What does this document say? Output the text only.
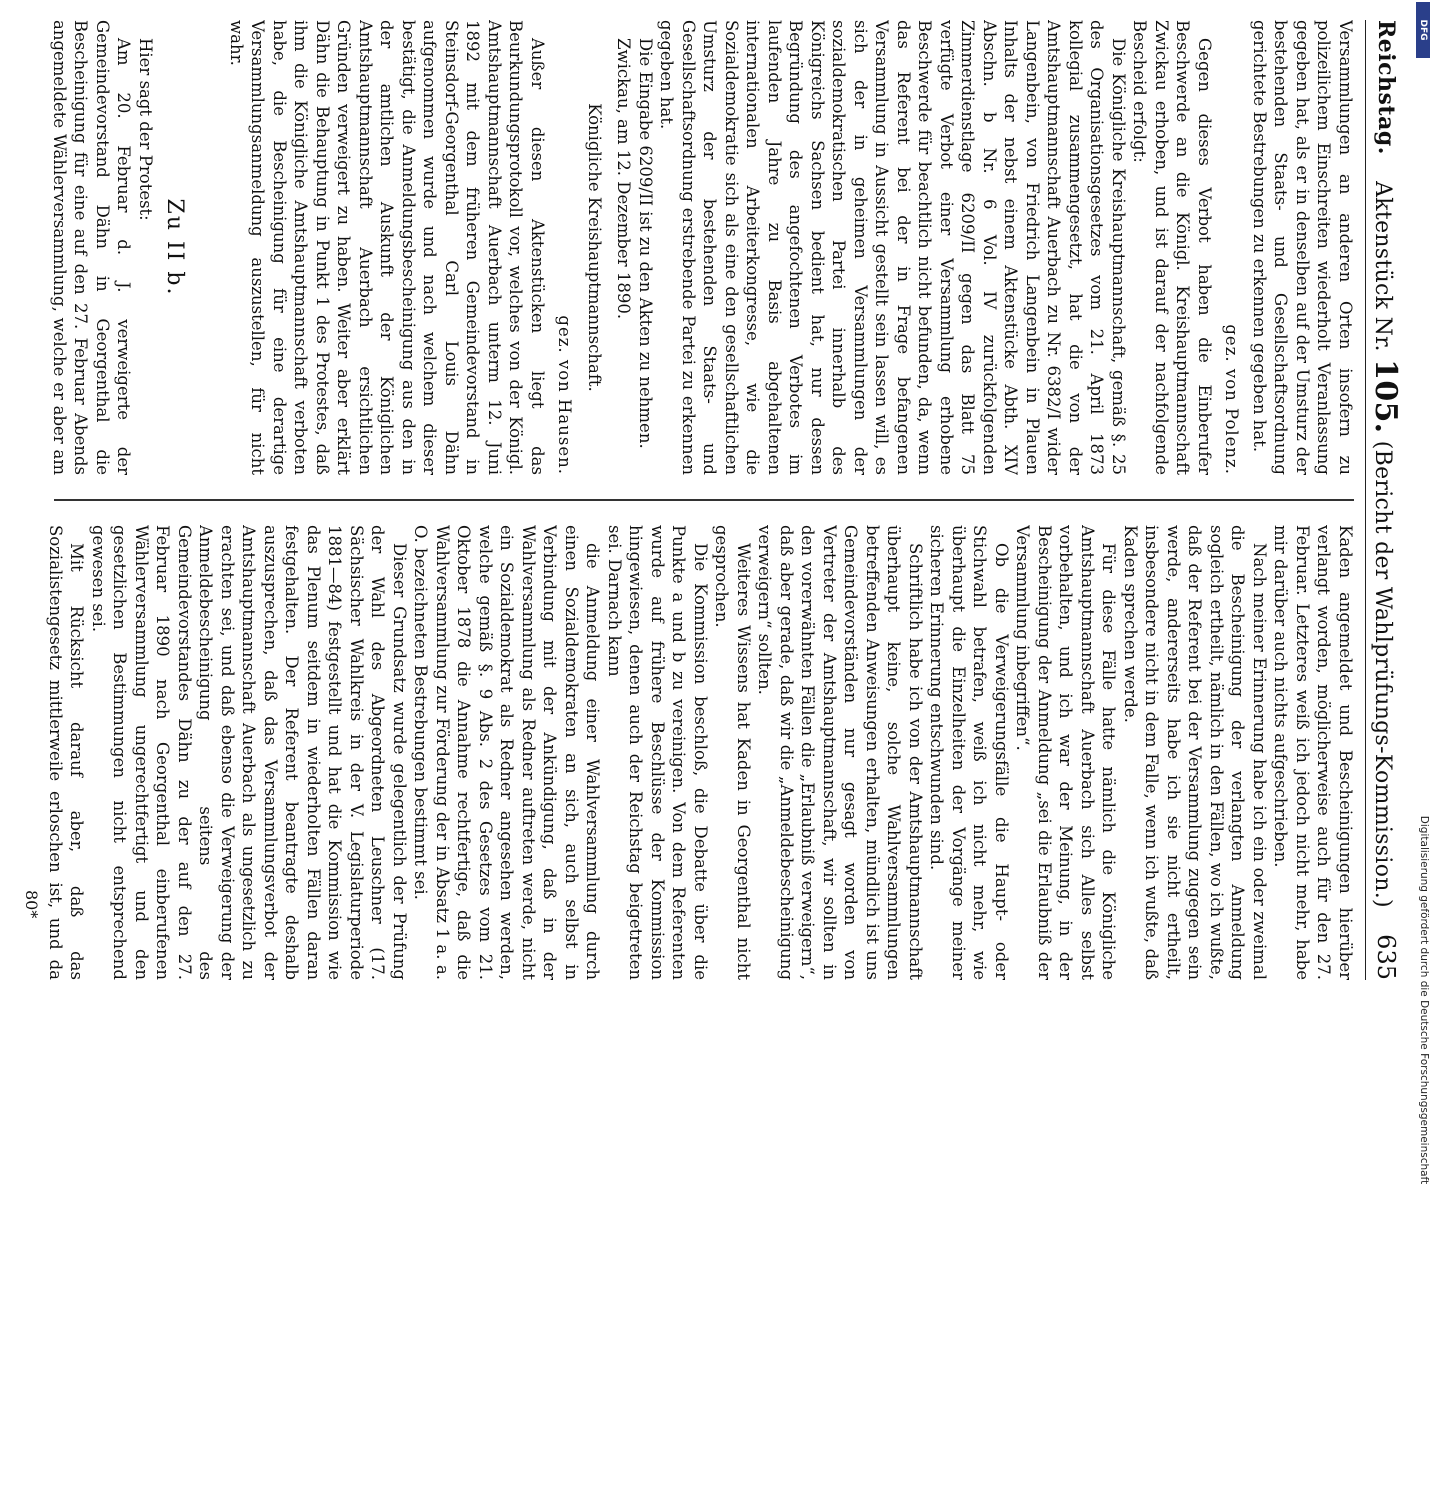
Reichstag.
Aktenstück Nr. 105. (Bericht der Wahlprüfungs-Kommission.)
635

Versammlungen an anderen Orten insofern zu polizeilichem Einschreiten wiederholt Veranlassung gegeben hat, als er in denselben auf der Umsturz der bestehenden Staats- und Gesellschaftsordnung gerichtete Bestrebungen zu erkennen gegeben hat.

gez. von Polenz.

Gegen dieses Verbot haben die Einberufer Beschwerde an die Königl. Kreishauptmannschaft Zwickau erhoben, und ist darauf der nachfolgende Bescheid erfolgt:

Die Königliche Kreishauptmannschaft, gemäß §. 25 des Organisationsgesetzes vom 21. April 1873 kollegial zusammengesetzt, hat die von der Amtshauptmannschaft Auerbach zu Nr. 6382/I wider Langenbein, von Friedrich Langenbein in Plauen Inhalts der nebst einem Aktenstücke Abth. XIV Abschn. b Nr. 6 Vol. IV zurückfolgenden Zimmerdienstlage 6209/II gegen das Blatt 75 verfügte Verbot einer Versammlung erhobene Beschwerde für beachtlich nicht befunden, da, wenn das Referent bei der in Frage befangenen Versammlung in Aussicht gestellt sein lassen will, es sich der in geheimen Versammlungen der sozialdemokratischen Partei innerhalb des Königreichs Sachsen bedient hat, nur dessen Begründung des angefochtenen Verbotes im laufenden Jahre zu Basis abgehaltenen internationalen Arbeiterkongresse, wie die Sozialdemokratie sich als eine den gesellschaftlichen Umsturz der bestehenden Staats- und Gesellschaftsordnung erstrebende Partei zu erkennen gegeben hat.

Die Eingabe 6209/II ist zu den Akten zu nehmen.

Zwickau, am 12. Dezember 1890.

Königliche Kreishauptmannschaft.

gez. von Hausen.

Außer diesen Aktenstücken liegt das Beurkundungsprotokoll vor, welches von der Königl. Amtshauptmannschaft Auerbach unterm 12. Juni 1892 mit dem früheren Gemeindevorstand in Steinsdorf-Georgenthal Carl Louis Dähn aufgenommen wurde und nach welchem dieser bestätigt, die Anmeldungsbescheinigung aus den in der amtlichen Auskunft der Königlichen Amtshauptmannschaft Auerbach ersichtlichen Gründen verweigert zu haben. Weiter aber erklärt Dähn die Behauptung in Punkt 1 des Protestes, daß ihm die Königliche Amtshauptmannschaft verboten habe, die Bescheinigung für eine derartige Versammlungsanmeldung auszustellen, für nicht wahr.

Zu II b.

Hier sagt der Protest:

Am 20. Februar d. J. verweigerte der Gemeindevorstand Dähn in Georgenthal die Bescheinigung für eine auf den 27. Februar Abends angemeldete Wählerversammlung, welche er aber am

Kaden angemeldet und Bescheinigungen hierüber verlangt worden, möglicherweise auch für den 27. Februar. Letzteres weiß ich jedoch nicht mehr, habe mir darüber auch nichts aufgeschrieben.

Nach meiner Erinnerung habe ich ein oder zweimal die Bescheinigung der verlangten Anmeldung sogleich ertheilt, nämlich in den Fällen, wo ich wußte, daß der Referent bei der Versammlung zugegen sein werde, andererseits habe ich sie nicht ertheilt, insbesondere nicht in dem Falle, wenn ich wußte, daß Kaden sprechen werde.

Für diese Fälle hatte nämlich die Königliche Amtshauptmannschaft Auerbach sich Alles selbst vorbehalten, und ich war der Meinung, in der Bescheinigung der Anmeldung „sei die Erlaubniß der Versammlung inbegriffen“.

Ob die Verweigerungsfälle die Haupt- oder Stichwahl betrafen, weiß ich nicht mehr, wie überhaupt die Einzelheiten der Vorgänge meiner sicheren Erinnerung entschwunden sind.

Schriftlich habe ich von der Amtshauptmannschaft überhaupt keine, solche Wahlversammlungen betreffenden Anweisungen erhalten, mündlich ist uns Gemeindevorständen nur gesagt worden von Vertreter der Amtshauptmannschaft, wir sollten in den vorerwähnten Fällen die „Erlaubniß verweigern“, daß aber gerade, daß wir die „Anmeldebescheinigung verweigern“ sollten.

Weiteres Wissens hat Kaden in Georgenthal nicht gesprochen.

Die Kommission beschloß, die Debatte über die Punkte a und b zu vereinigen. Von dem Referenten wurde auf frühere Beschlüsse der Kommission hingewiesen, denen auch der Reichstag beigetreten sei. Darnach kann

die Anmeldung einer Wahlversammlung durch einen Sozialdemokraten an sich, auch selbst in Verbindung mit der Ankündigung, daß in der Wahlversammlung als Redner auftreten werde, nicht ein Sozialdemokrat als Redner angesehen werden, welche gemäß §. 9 Abs. 2 des Gesetzes vom 21. Oktober 1878 die Annahme rechtfertige, daß die Wahlversammlung zur Förderung der in Absatz 1 a. a. O. bezeichneten Bestrebungen bestimmt sei.

Dieser Grundsatz wurde gelegentlich der Prüfung der Wahl des Abgeordneten Leuschner (17. Sächsischer Wahlkreis in der V. Legislaturperiode 1881—84) festgestellt und hat die Kommission wie das Plenum seitdem in wiederholten Fällen daran festgehalten. Der Referent beantragte deshalb auszusprechen, daß das Versammlungsverbot der Amtshauptmannschaft Auerbach als ungesetzlich zu erachten sei, und daß ebenso die Verweigerung der Anmeldebescheinigung seitens des Gemeindevorstandes Dähn zu der auf den 27. Februar 1890 nach Georgenthal einberufenen Wählerversammlung ungerechtfertigt und den gesetzlichen Bestimmungen nicht entsprechend gewesen sei.

Mit Rücksicht darauf aber, daß das Sozialistengesetz mittlerweile erloschen ist, und da

80*	Digitalisierung gefördert durch die Deutsche Forschungsgemeinschaft
DFG
